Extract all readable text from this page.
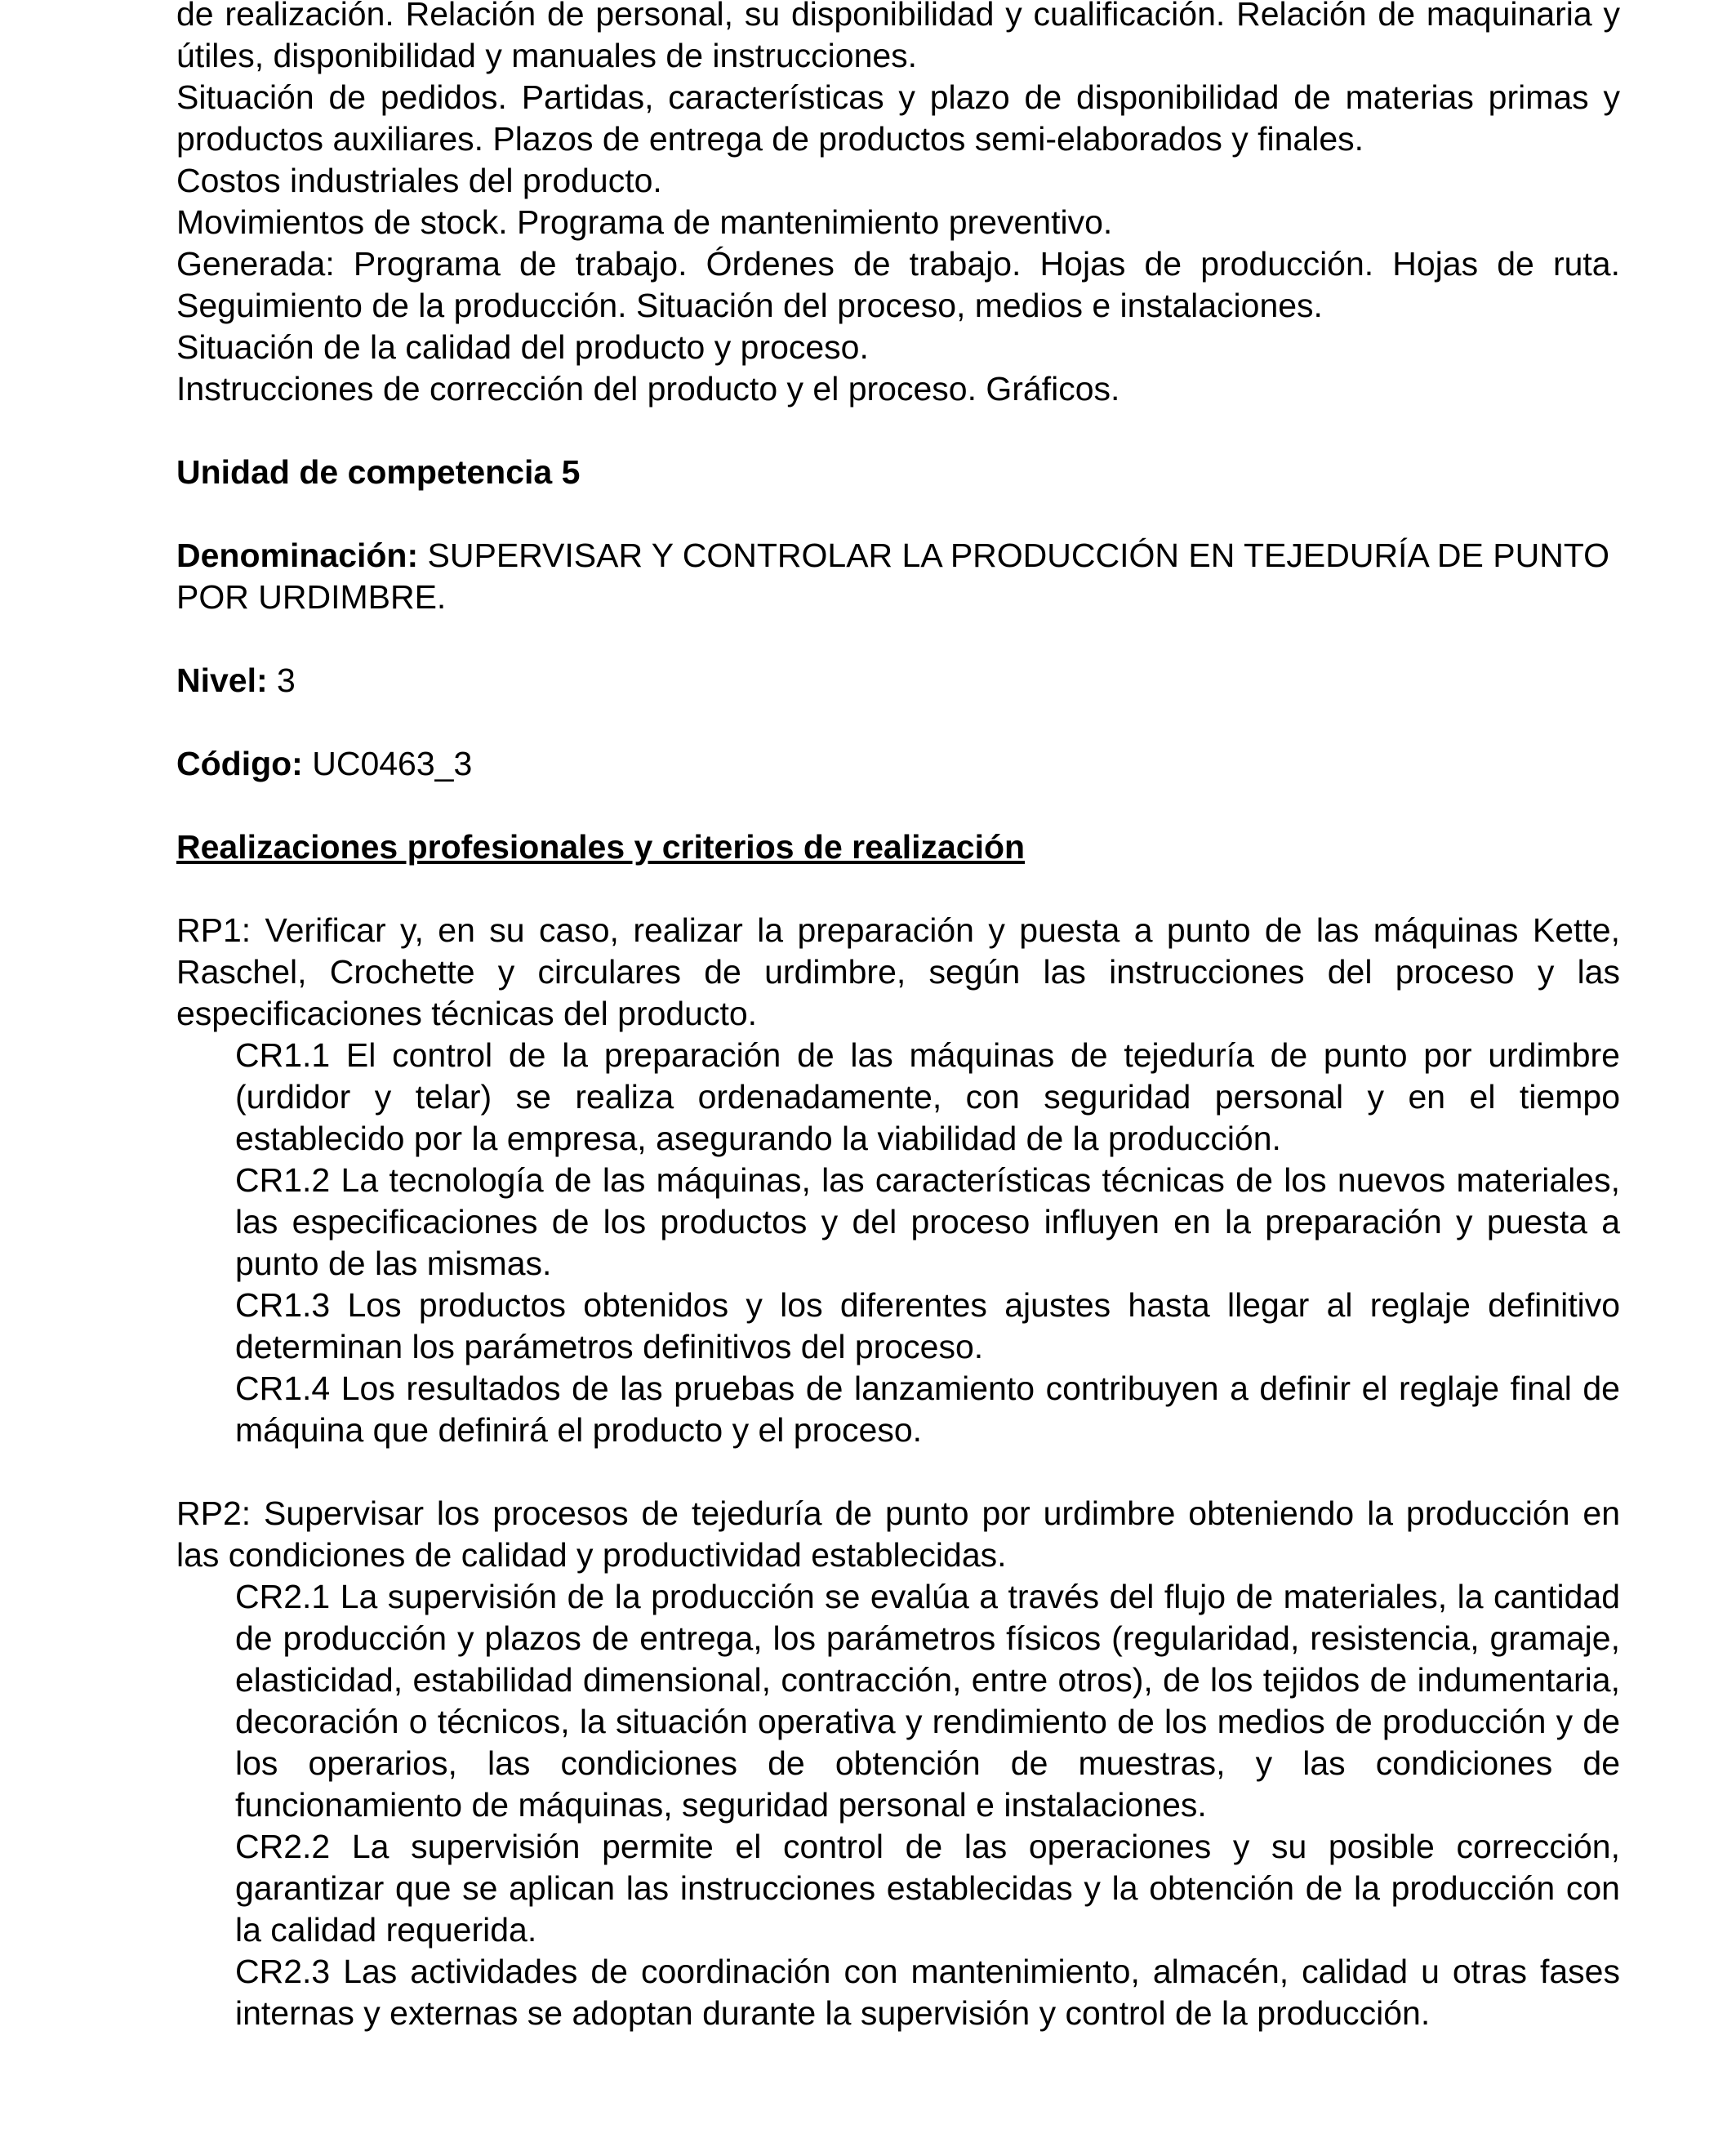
de realización. Relación de personal, su disponibilidad y cualificación. Relación de maquinaria y útiles, disponibilidad y manuales de instrucciones.

Situación de pedidos. Partidas, características y plazo de disponibilidad de materias primas y productos auxiliares. Plazos de entrega de productos semi-elaborados y finales.

Costos industriales del producto.

Movimientos de stock. Programa de mantenimiento preventivo.

Generada: Programa de trabajo. Órdenes de trabajo. Hojas de producción. Hojas de ruta. Seguimiento de la producción. Situación del proceso, medios e instalaciones.

Situación de la calidad del producto y proceso.

Instrucciones de corrección del producto y el proceso. Gráficos.

Unidad de competencia 5

Denominación: SUPERVISAR Y CONTROLAR LA PRODUCCIÓN EN TEJEDURÍA DE PUNTO POR URDIMBRE.

Nivel: 3

Código: UC0463_3

Realizaciones profesionales y criterios de realización

RP1: Verificar y, en su caso, realizar la preparación y puesta a punto de las máquinas Kette, Raschel, Crochette y circulares de urdimbre, según las instrucciones del proceso y las especificaciones técnicas del producto.

CR1.1 El control de la preparación de las máquinas de tejeduría de punto por urdimbre (urdidor y telar) se realiza ordenadamente, con seguridad personal y en el tiempo establecido por la empresa, asegurando la viabilidad de la producción.

CR1.2 La tecnología de las máquinas, las características técnicas de los nuevos materiales, las especificaciones de los productos y del proceso influyen en la preparación y puesta a punto de las mismas.

CR1.3 Los productos obtenidos y los diferentes ajustes hasta llegar al reglaje definitivo determinan los parámetros definitivos del proceso.

CR1.4 Los resultados de las pruebas de lanzamiento contribuyen a definir el reglaje final de máquina que definirá el producto y el proceso.

RP2: Supervisar los procesos de tejeduría de punto por urdimbre obteniendo la producción en las condiciones de calidad y productividad establecidas.

CR2.1 La supervisión de la producción se evalúa a través del flujo de materiales, la cantidad de producción y plazos de entrega, los parámetros físicos (regularidad, resistencia, gramaje, elasticidad, estabilidad dimensional, contracción, entre otros), de los tejidos de indumentaria, decoración o técnicos, la situación operativa y rendimiento de los medios de producción y de los operarios, las condiciones de obtención de muestras, y las condiciones de funcionamiento de máquinas, seguridad personal e instalaciones.

CR2.2 La supervisión permite el control de las operaciones y su posible corrección, garantizar que se aplican las instrucciones establecidas y la obtención de la producción con la calidad requerida.

CR2.3 Las actividades de coordinación con mantenimiento, almacén, calidad u otras fases internas y externas se adoptan durante la supervisión y control de la producción.
